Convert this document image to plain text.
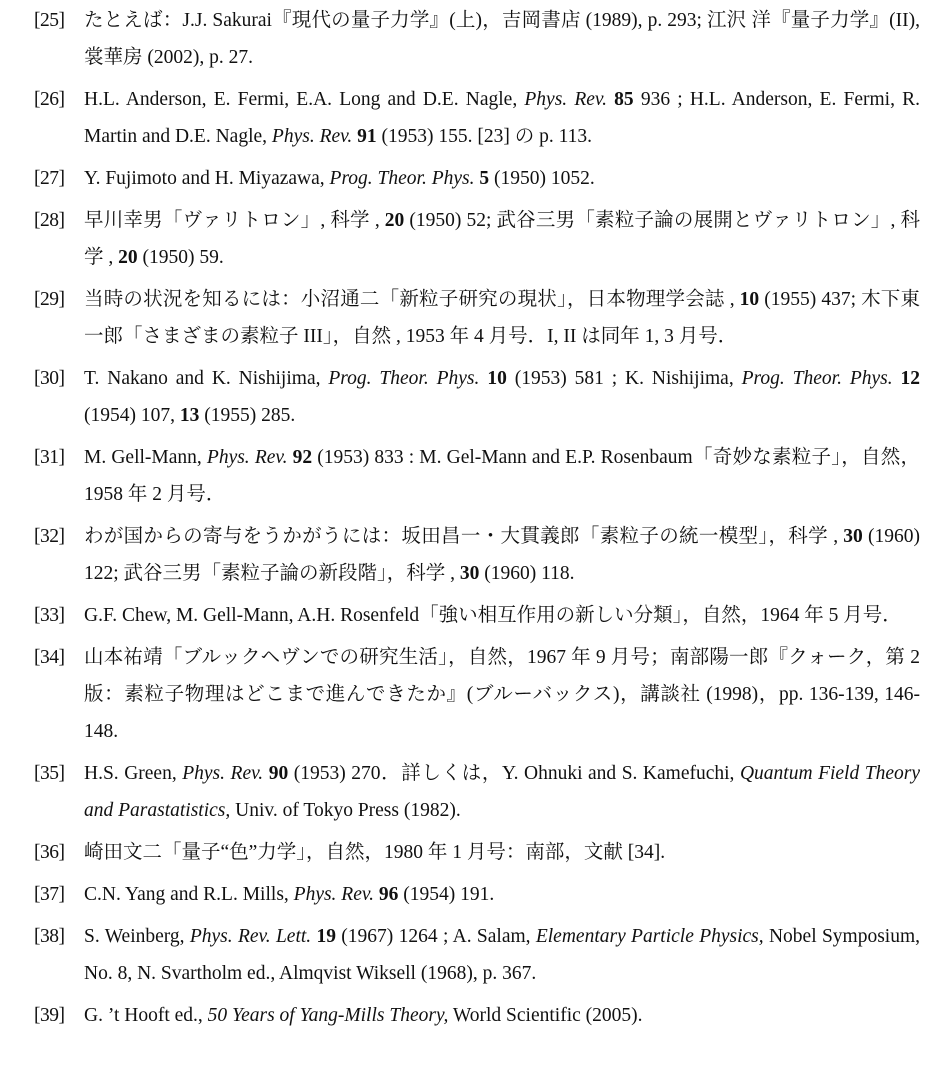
[25]	たとえば：J.J. Sakurai『現代の量子力学』(上)，吉岡書店 (1989), p. 293; 江沢 洋『量子力学』(II), 裳華房 (2002), p. 27.
[26]	H.L. Anderson, E. Fermi, E.A. Long and D.E. Nagle, Phys. Rev. 85 936 ; H.L. Anderson, E. Fermi, R. Martin and D.E. Nagle, Phys. Rev. 91 (1953) 155. [23] の p. 113.
[27]	Y. Fujimoto and H. Miyazawa, Prog. Theor. Phys. 5 (1950) 1052.
[28]	早川幸男「ヴァリトロン」, 科学 , 20 (1950) 52; 武谷三男「素粒子論の展開とヴァリトロン」, 科学 , 20 (1950) 59.
[29]	当時の状況を知るには：小沼通二「新粒子研究の現状」，日本物理学会誌 , 10 (1955) 437; 木下東一郎「さまざまの素粒子 III」，自然 , 1953 年 4 月号．I, II は同年 1, 3 月号．
[30]	T. Nakano and K. Nishijima, Prog. Theor. Phys. 10 (1953) 581 ; K. Nishijima, Prog. Theor. Phys. 12 (1954) 107, 13 (1955) 285.
[31]	M. Gell-Mann, Phys. Rev. 92 (1953) 833 : M. Gel-Mann and E.P. Rosenbaum「奇妙な素粒子」，自然，1958 年 2 月号．
[32]	わが国からの寄与をうかがうには：坂田昌一・大貫義郎「素粒子の統一模型」，科学 , 30 (1960) 122; 武谷三男「素粒子論の新段階」，科学 , 30 (1960) 118.
[33]	G.F. Chew, M. Gell-Mann, A.H. Rosenfeld「強い相互作用の新しい分類」，自然，1964 年 5 月号．
[34]	山本祐靖「ブルックヘヴンでの研究生活」，自然，1967 年 9 月号；南部陽一郎『クォーク，第 2 版：素粒子物理はどこまで進んできたか』(ブルーバックス)，講談社 (1998)，pp. 136-139, 146-148.
[35]	H.S. Green, Phys. Rev. 90 (1953) 270．詳しくは，Y. Ohnuki and S. Kamefuchi, Quantum Field Theory and Parastatistics, Univ. of Tokyo Press (1982).
[36]	崎田文二「量子“色”力学」，自然，1980 年 1 月号：南部，文献 [34].
[37]	C.N. Yang and R.L. Mills, Phys. Rev. 96 (1954) 191.
[38]	S. Weinberg, Phys. Rev. Lett. 19 (1967) 1264 ; A. Salam, Elementary Particle Physics, Nobel Symposium, No. 8, N. Svartholm ed., Almqvist Wiksell (1968), p. 367.
[39]	G. ’t Hooft ed., 50 Years of Yang-Mills Theory, World Scientific (2005).
